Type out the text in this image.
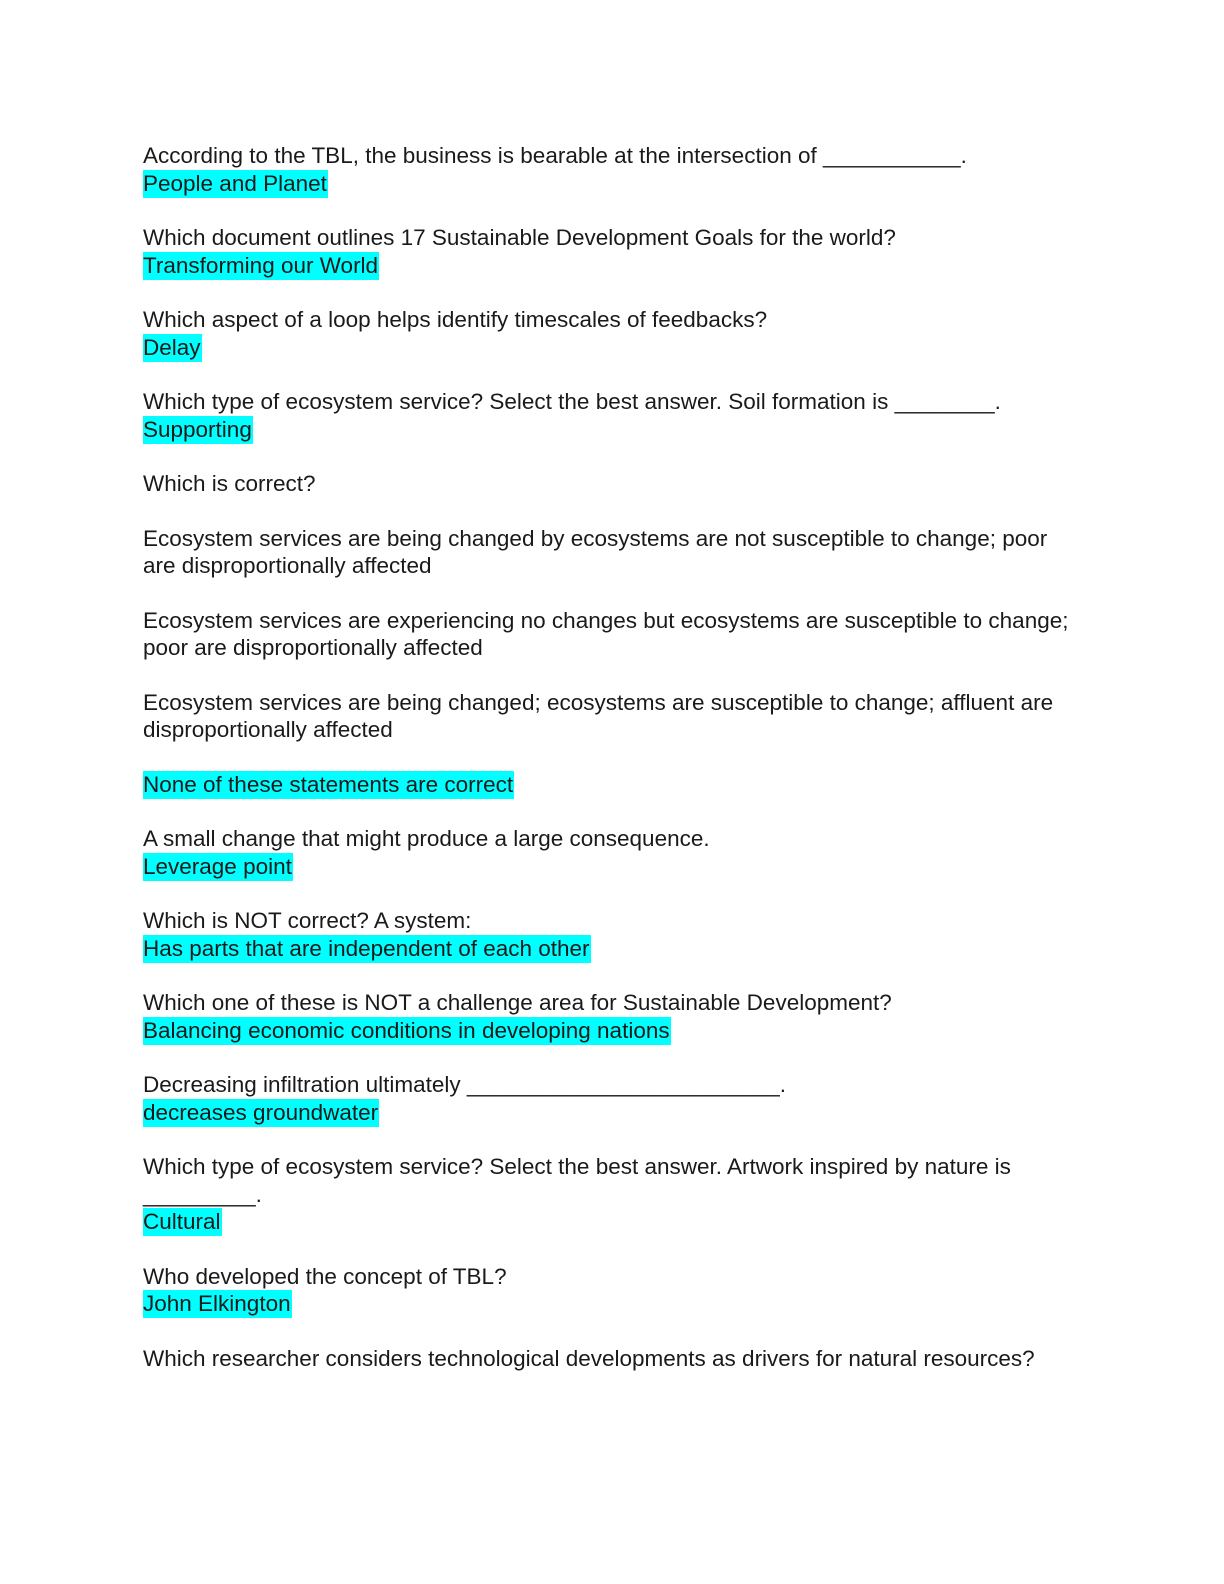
According to the TBL, the business is bearable at the intersection of ___________.
People and Planet
Which document outlines 17 Sustainable Development Goals for the world?
Transforming our World
Which aspect of a loop helps identify timescales of feedbacks?
Delay
Which type of ecosystem service? Select the best answer. Soil formation is ________.
Supporting
Which is correct?
Ecosystem services are being changed by ecosystems are not susceptible to change; poor are disproportionally affected
Ecosystem services are experiencing no changes but ecosystems are susceptible to change; poor are disproportionally affected
Ecosystem services are being changed; ecosystems are susceptible to change; affluent are disproportionally affected
None of these statements are correct
A small change that might produce a large consequence.
Leverage point
Which is NOT correct? A system:
Has parts that are independent of each other
Which one of these is NOT a challenge area for Sustainable Development?
Balancing economic conditions in developing nations
Decreasing infiltration ultimately _________________________.
decreases groundwater
Which type of ecosystem service? Select the best answer. Artwork inspired by nature is _________.
Cultural
Who developed the concept of TBL?
John Elkington
Which researcher considers technological developments as drivers for natural resources?
